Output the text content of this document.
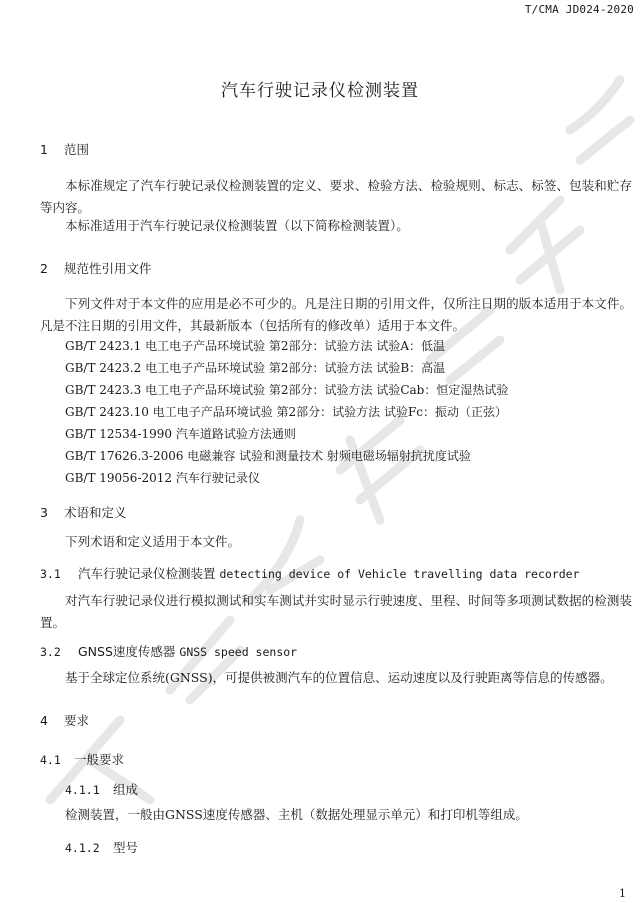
T/CMA JD024-2020
汽车行驶记录仪检测装置
1 范围

本标准规定了汽车行驶记录仪检测装置的定义、要求、检验方法、检验规则、标志、标签、包装和贮存等内容。

本标准适用于汽车行驶记录仪检测装置（以下简称检测装置）。

2 规范性引用文件

下列文件对于本文件的应用是必不可少的。凡是注日期的引用文件，仅所注日期的版本适用于本文件。凡是不注日期的引用文件，其最新版本（包括所有的修改单）适用于本文件。

GB/T 2423.1 电工电子产品环境试验 第2部分：试验方法 试验A：低温
GB/T 2423.2 电工电子产品环境试验 第2部分：试验方法 试验B：高温
GB/T 2423.3 电工电子产品环境试验 第2部分：试验方法 试验Cab：恒定湿热试验
GB/T 2423.10 电工电子产品环境试验 第2部分：试验方法 试验Fc：振动（正弦）
GB/T 12534-1990 汽车道路试验方法通则
GB/T 17626.3-2006 电磁兼容 试验和测量技术 射频电磁场辐射抗扰度试验
GB/T 19056-2012 汽车行驶记录仪
3 术语和定义

下列术语和定义适用于本文件。

3.1 汽车行驶记录仪检测装置 detecting device of Vehicle travelling data recorder

对汽车行驶记录仪进行模拟测试和实车测试并实时显示行驶速度、里程、时间等多项测试数据的检测装置。

3.2 GNSS速度传感器 GNSS speed sensor

基于全球定位系统(GNSS)，可提供被测汽车的位置信息、运动速度以及行驶距离等信息的传感器。

4 要求
4.1 一般要求
4.1.1 组成

检测装置，一般由GNSS速度传感器、主机（数据处理显示单元）和打印机等组成。

4.1.2 型号
1
